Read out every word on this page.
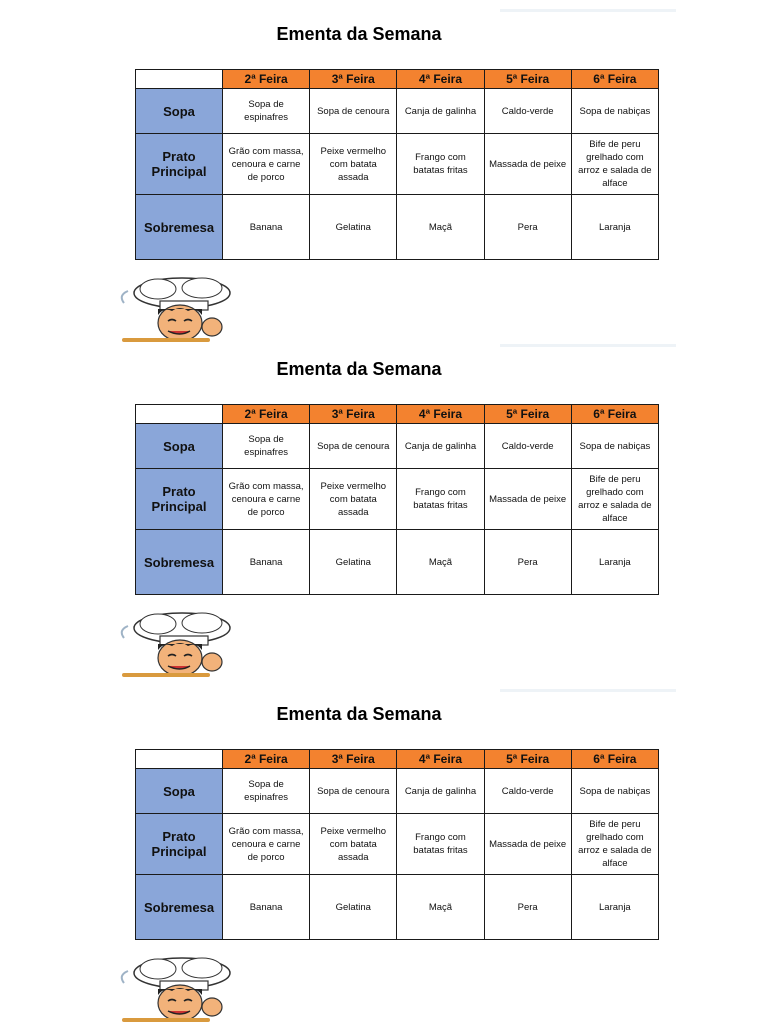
Ementa da Semana
	2ª Feira	3ª Feira	4ª Feira	5ª Feira	6ª Feira
Sopa	Sopa de espinafres	Sopa de cenoura	Canja de galinha	Caldo-verde	Sopa de nabiças
Prato Principal	Grão com massa, cenoura e carne de porco	Peixe vermelho com batata assada	Frango com batatas fritas	Massada de peixe	Bife de peru grelhado com arroz e salada de alface
Sobremesa	Banana	Gelatina	Maçã	Pera	Laranja
Ementa da Semana
	2ª Feira	3ª Feira	4ª Feira	5ª Feira	6ª Feira
Sopa	Sopa de espinafres	Sopa de cenoura	Canja de galinha	Caldo-verde	Sopa de nabiças
Prato Principal	Grão com massa, cenoura e carne de porco	Peixe vermelho com batata assada	Frango com batatas fritas	Massada de peixe	Bife de peru grelhado com arroz e salada de alface
Sobremesa	Banana	Gelatina	Maçã	Pera	Laranja
Ementa da Semana
	2ª Feira	3ª Feira	4ª Feira	5ª Feira	6ª Feira
Sopa	Sopa de espinafres	Sopa de cenoura	Canja de galinha	Caldo-verde	Sopa de nabiças
Prato Principal	Grão com massa, cenoura e carne de porco	Peixe vermelho com batata assada	Frango com batatas fritas	Massada de peixe	Bife de peru grelhado com arroz e salada de alface
Sobremesa	Banana	Gelatina	Maçã	Pera	Laranja
